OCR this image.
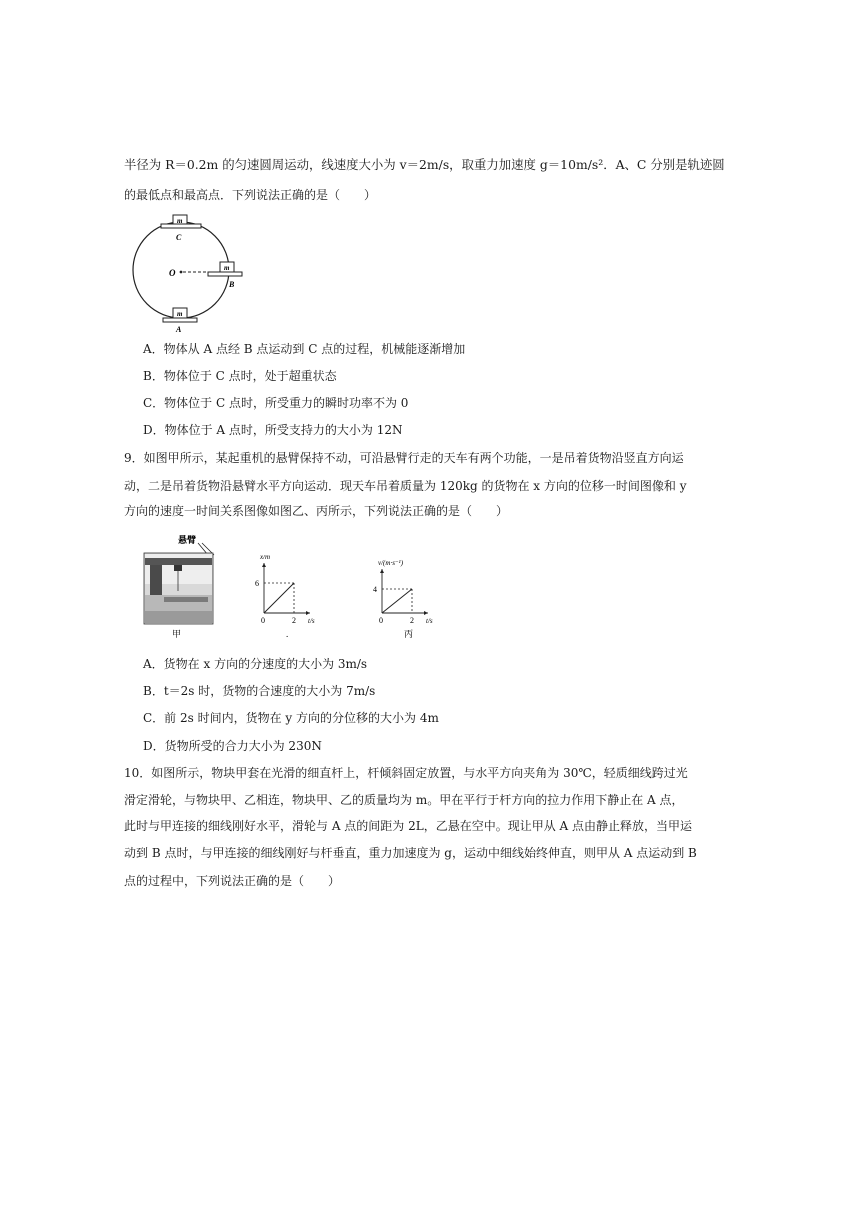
半径为 R＝0.2m 的匀速圆周运动，线速度大小为 v＝2m/s，取重力加速度 g＝10m/s²．A、C 分别是轨迹圆
的最低点和最高点．下列说法正确的是（　　）
m
C
O	m
B
m
A
A．物体从 A 点经 B 点运动到 C 点的过程，机械能逐渐增加
B．物体位于 C 点时，处于超重状态
C．物体位于 C 点时，所受重力的瞬时功率不为 0
D．物体位于 A 点时，所受支持力的大小为 12N
9．如图甲所示，某起重机的悬臂保持不动，可沿悬臂行走的天车有两个功能，一是吊着货物沿竖直方向运
动，二是吊着货物沿悬臂水平方向运动．现天车吊着质量为 120kg 的货物在 x 方向的位移一时间图像和 y
方向的速度一时间关系图像如图乙、丙所示，下列说法正确的是（　　）
悬臂
甲
x/m
t/s
0	2
6
.
v/(m·s⁻¹)
t/s
0	2
4
丙
A．货物在 x 方向的分速度的大小为 3m/s
B．t＝2s 时，货物的合速度的大小为 7m/s
C．前 2s 时间内，货物在 y 方向的分位移的大小为 4m
D．货物所受的合力大小为 230N
10．如图所示，物块甲套在光滑的细直杆上，杆倾斜固定放置，与水平方向夹角为 30℃，轻质细线跨过光
滑定滑轮，与物块甲、乙相连，物块甲、乙的质量均为 m。甲在平行于杆方向的拉力作用下静止在 A 点，
此时与甲连接的细线刚好水平，滑轮与 A 点的间距为 2L，乙悬在空中。现让甲从 A 点由静止释放，当甲运
动到 B 点时，与甲连接的细线刚好与杆垂直，重力加速度为 g，运动中细线始终伸直，则甲从 A 点运动到 B
点的过程中，下列说法正确的是（　　）
